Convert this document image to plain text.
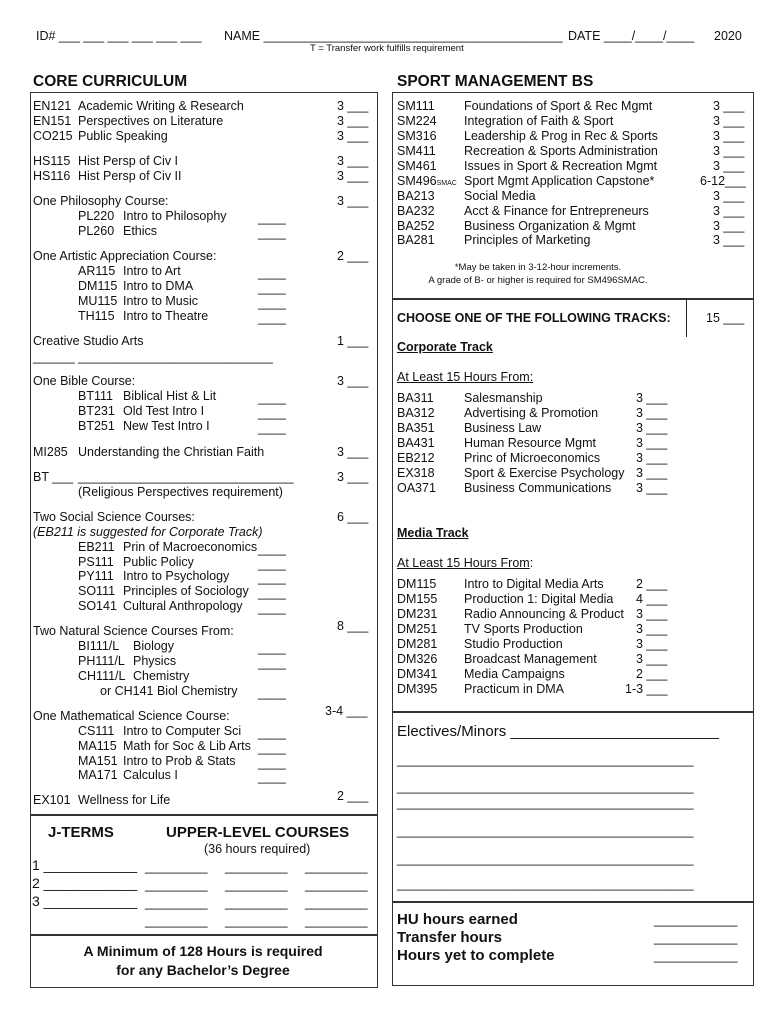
ID# ___ ___ ___ ___ ___ ___ NAME ___________________________________________ DATE ____/____/____ 2020
T = Transfer work fulfills requirement
CORE CURRICULUM	SPORT MANAGEMENT BS
EN121 Academic Writing & Research	3 ___
EN151 Perspectives on Literature	3 ___
CO215 Public Speaking	3 ___
HS115 Hist Persp of Civ I	3 ___
HS116 Hist Persp of Civ II	3 ___
One Philosophy Course:	3 ___
PL220 Intro to Philosophy	____
PL260 Ethics	____
One Artistic Appreciation Course:	2 ___
AR115 Intro to Art	____
DM115 Intro to DMA	____
MU115 Intro to Music	____
TH115 Intro to Theatre	____
Creative Studio Arts	1 ___
______ ____________________________
One Bible Course:	3 ___
BT111 Biblical Hist & Lit	____
BT231 Old Test Intro I	____
BT251 New Test Intro I	____
MI285 Understanding the Christian Faith	3 ___
BT ___ _______________________________	3 ___
(Religious Perspectives requirement)
Two Social Science Courses:	6 ___
(EB211 is suggested for Corporate Track)
EB211 Prin of Macroeconomics ____
PS111 Public Policy	____
PY111 Intro to Psychology ____
SO111 Principles of Sociology ____
SO141 Cultural Anthropology ____
Two Natural Science Courses From:	8 ___
BI111/L Biology	____
PH111/L Physics	____
CH111/L Chemistry
or CH141 Biol Chemistry ____
One Mathematical Science Course:	3-4 ___
CS111 Intro to Computer Sci ____
MA115 Math for Soc & Lib Arts ____
MA151 Intro to Prob & Stats ____
MA171 Calculus I	____
EX101 Wellness for Life	2 ___
J-TERMS	UPPER-LEVEL COURSES
(36 hours required)
1 ____________
2 ____________
3 ____________
_________ _________ _________
_________ _________ _________
_________ _________ _________
_________ _________ _________
A Minimum of 128 Hours is required
for any Bachelor’s Degree
SM111 Foundations of Sport & Rec Mgmt	3 ___
SM224 Integration of Faith & Sport	3 ___
SM316 Leadership & Prog in Rec & Sports	3 ___
SM411 Recreation & Sports Administration	3 ___
SM461 Issues in Sport & Recreation Mgmt	3 ___
SM496SMAC Sport Mgmt Application Capstone*	6-12___
BA213 Social Media	3 ___
BA232 Acct & Finance for Entrepreneurs	3 ___
BA252 Business Organization & Mgmt	3 ___
BA281 Principles of Marketing	3 ___
*May be taken in 3-12-hour increments.
A grade of B- or higher is required for SM496SMAC.
CHOOSE ONE OF THE FOLLOWING TRACKS:	15 ___
Corporate Track
At Least 15 Hours From:
BA311 Salesmanship	3 ___
BA312 Advertising & Promotion	3 ___
BA351 Business Law	3 ___
BA431 Human Resource Mgmt	3 ___
EB212 Princ of Microeconomics	3 ___
EX318 Sport & Exercise Psychology 3 ___
OA371 Business Communications 3 ___
Media Track
At Least 15 Hours From:
DM115 Intro to Digital Media Arts	2 ___
DM155 Production 1: Digital Media 4 ___
DM231 Radio Announcing & Product 3 ___
DM251 TV Sports Production	3 ___
DM281 Studio Production	3 ___
DM326 Broadcast Management	3 ___
DM341 Media Campaigns	2 ___
DM395 Practicum in DMA	1-3 ___
Electives/Minors _________________________
_________________________________________
_________________________________________
_________________________________________
_________________________________________
_________________________________________
_________________________________________
HU hours earned
Transfer hours
Hours yet to complete
____________
____________
____________
